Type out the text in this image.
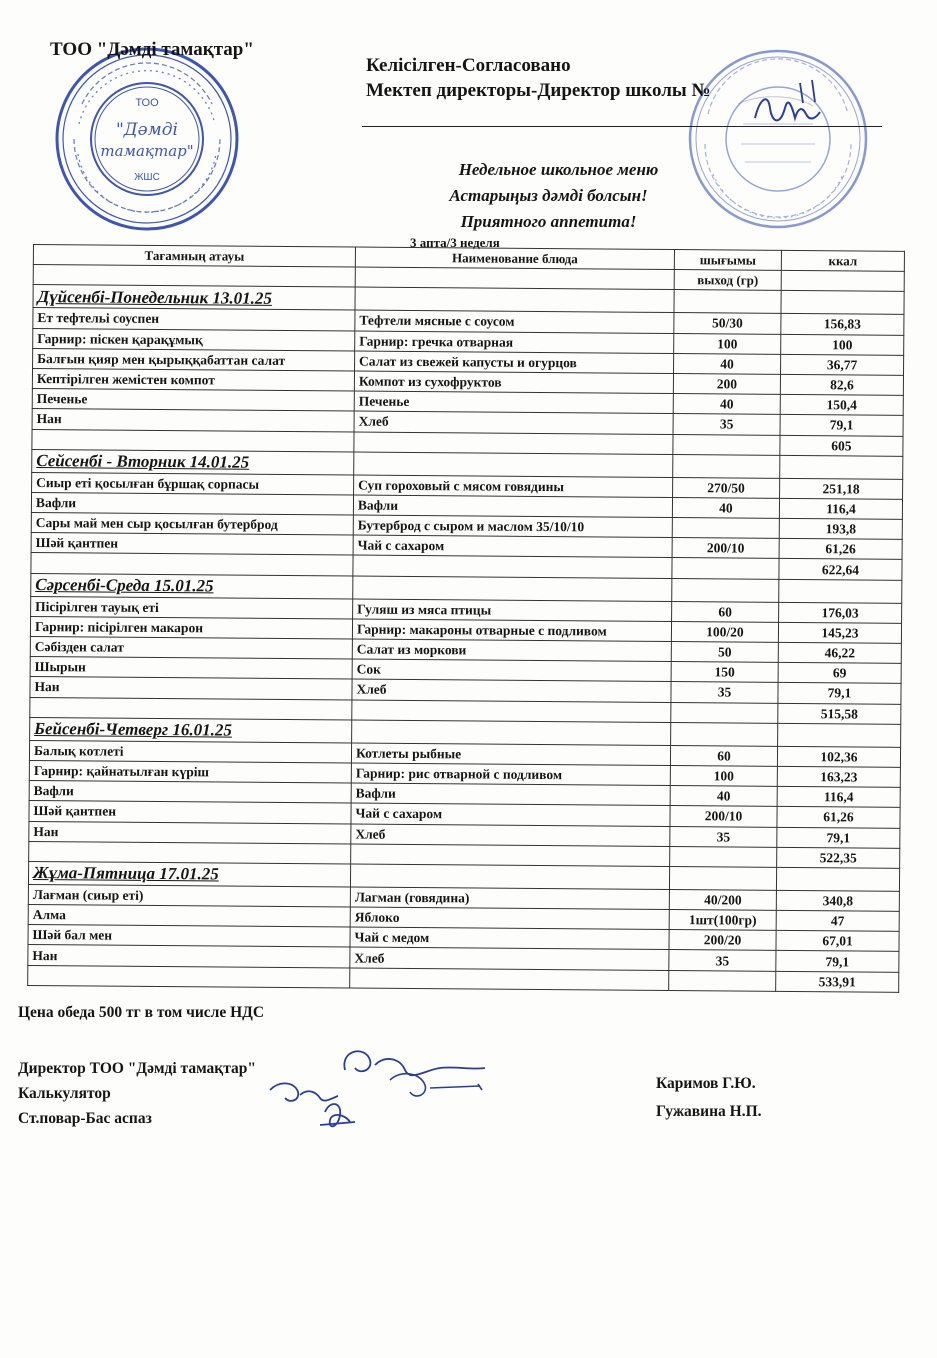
ТОО
"Дәмді
тамақтар"
ЖШС
ТОО "Дәмді тамақтар"
Келісілген-Согласовано
Мектеп директоры-Директор школы №
Недельное школьное меню
Астарыңыз дәмді болсын!
Приятного аппетита!
3 апта/3 неделя
Тағамның атауы	Наименование блюда	шығымы	ккал
		выход (гр)	
Дүйсенбі-Понедельник 13.01.25			
Ет тефтельі соуспен	Тефтели мясные с соусом	50/30	156,83
Гарнир: піскен қарақұмық	Гарнир: гречка отварная	100	100
Балғын қияр мен қырыққабаттан салат	Салат из свежей капусты и огурцов	40	36,77
Кептірілген жемістен компот	Компот из сухофруктов	200	82,6
Печенье	Печенье	40	150,4
Нан	Хлеб	35	79,1
			605
Сейсенбі - Вторник 14.01.25			
Сиыр еті қосылған бұршақ сорпасы	Суп гороховый с мясом говядины	270/50	251,18
Вафли	Вафли	40	116,4
Сары май мен сыр қосылған бутерброд	Бутерброд с сыром и маслом 35/10/10		193,8
Шәй қантпен	Чай с сахаром	200/10	61,26
			622,64
Сәрсенбі-Среда 15.01.25			
Пісірілген тауық еті	Гуляш из мяса птицы	60	176,03
Гарнир: пісірілген макарон	Гарнир: макароны отварные с подливом	100/20	145,23
Сәбізден салат	Салат из моркови	50	46,22
Шырын	Сок	150	69
Нан	Хлеб	35	79,1
			515,58
Бейсенбі-Четверг 16.01.25			
Балық котлеті	Котлеты рыбные	60	102,36
Гарнир: қайнатылған күріш	Гарнир: рис отварной с подливом	100	163,23
Вафли	Вафли	40	116,4
Шәй қантпен	Чай с сахаром	200/10	61,26
Нан	Хлеб	35	79,1
			522,35
Жұма-Пятница 17.01.25			
Лағман (сиыр еті)	Лагман (говядина)	40/200	340,8
Алма	Яблоко	1шт(100гр)	47
Шәй бал мен	Чай с медом	200/20	67,01
Нан	Хлеб	35	79,1
			533,91
Цена обеда 500 тг в том числе НДС
Директор ТОО "Дәмді тамақтар"
Калькулятор
Ст.повар-Бас аспаз
Каримов Г.Ю.
Гужавина Н.П.
